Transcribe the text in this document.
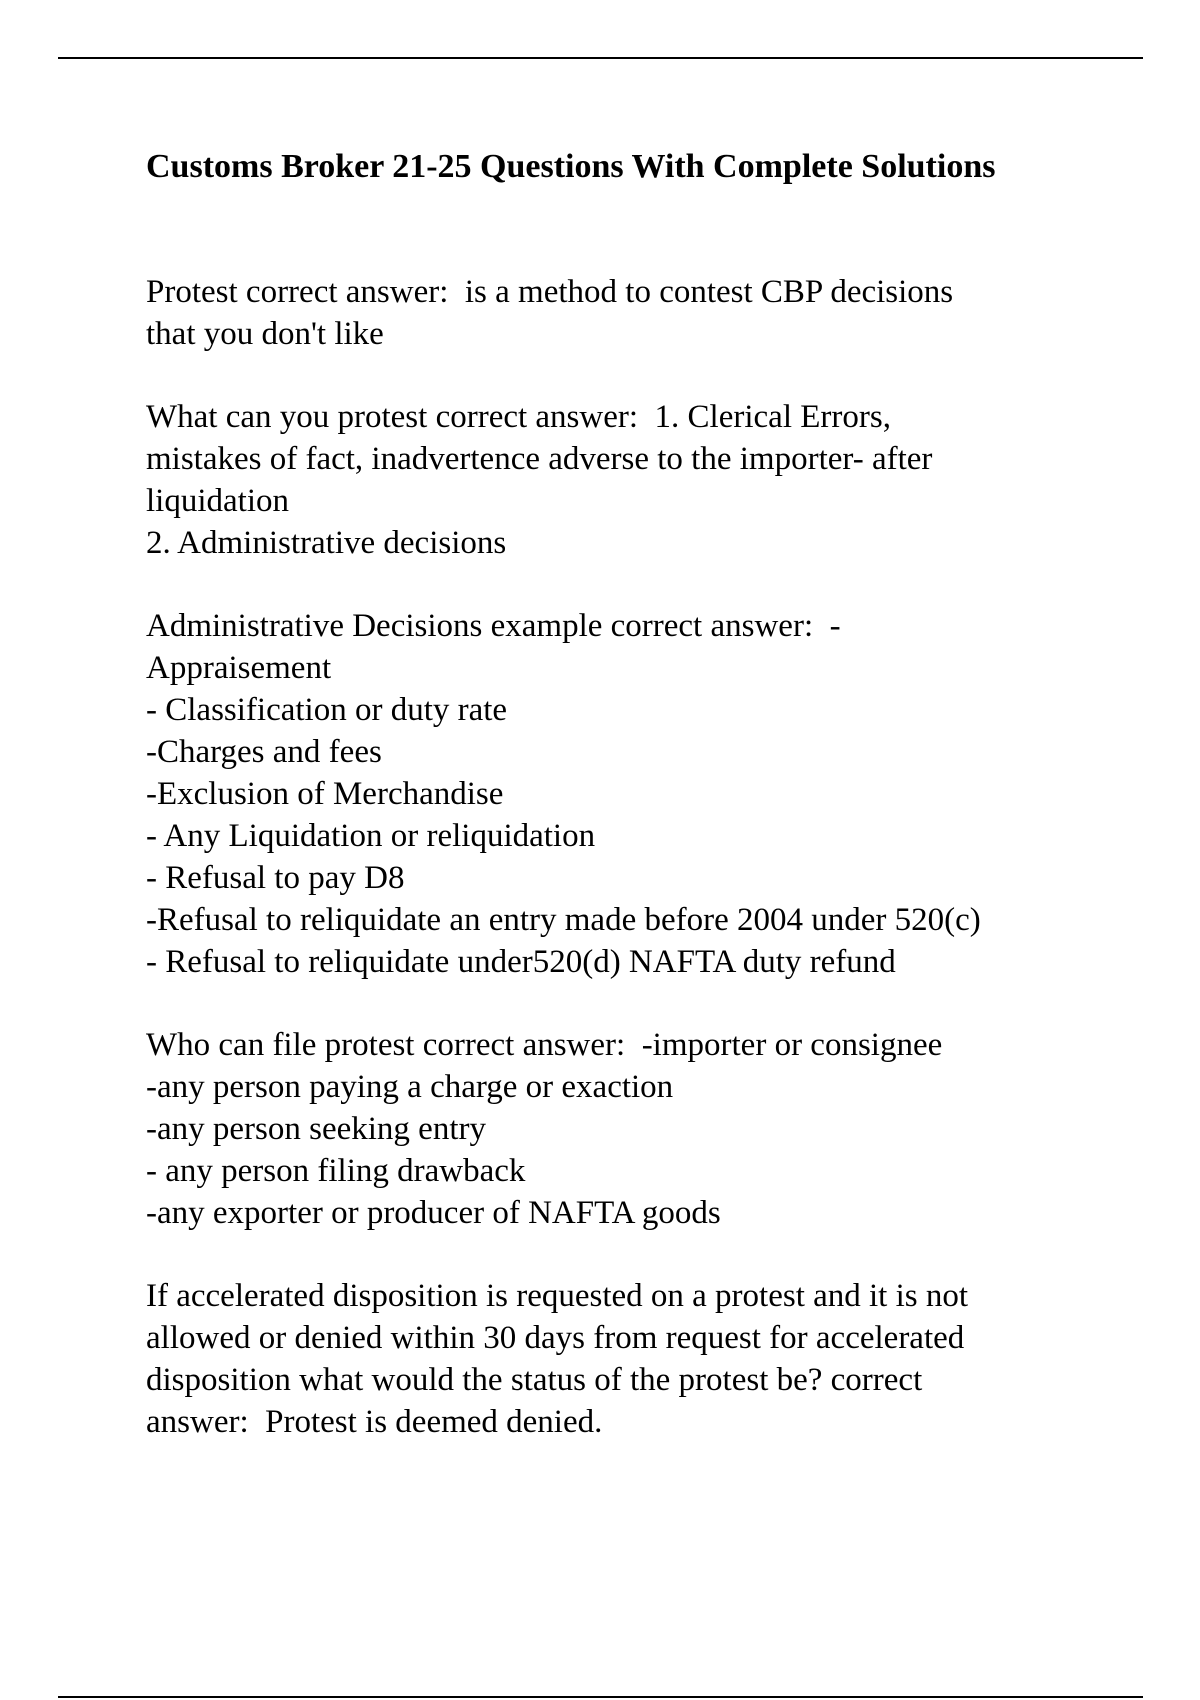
Customs Broker 21-25 Questions With Complete Solutions
Protest correct answer:  is a method to contest CBP decisions
that you don't like
What can you protest correct answer:  1. Clerical Errors,
mistakes of fact, inadvertence adverse to the importer- after
liquidation
2. Administrative decisions
Administrative Decisions example correct answer:  -
Appraisement
- Classification or duty rate
-Charges and fees
-Exclusion of Merchandise
- Any Liquidation or reliquidation
- Refusal to pay D8
-Refusal to reliquidate an entry made before 2004 under 520(c)
- Refusal to reliquidate under520(d) NAFTA duty refund
Who can file protest correct answer:  -importer or consignee
-any person paying a charge or exaction
-any person seeking entry
- any person filing drawback
-any exporter or producer of NAFTA goods
If accelerated disposition is requested on a protest and it is not
allowed or denied within 30 days from request for accelerated
disposition what would the status of the protest be? correct
answer:  Protest is deemed denied.
